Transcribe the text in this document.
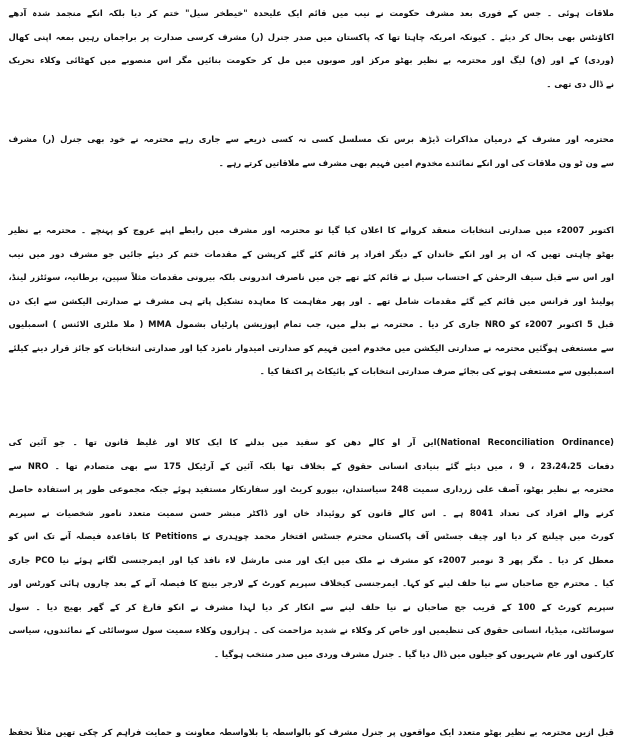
ملاقات ہوئی ۔ جس کے فوری بعد مشرف حکومت نے نیب میں قائم ایک علیحدہ "خیطخر سیل" ختم کر دیا بلکہ انکے منجمد شدہ آدھے
اکاؤنٹس بھی بحال کر دیئے ۔ کیونکہ امریکہ چاہتا تھا کہ پاکستان میں صدر جنرل (ر) مشرف کرسی صدارت پر براجمان رہیں بمعہ اپنی کھال
(وردی) کے اور (ق) لیگ اور محترمہ بے نظیر بھٹو مرکز اور صوبوں میں مل کر حکومت بنائیں مگر اس منصوبے میں کھٹائی وکلاء تحریک
نے ڈال دی تھی ۔
محترمہ اور مشرف کے درمیان مذاکرات ڈیڑھ برس تک مسلسل کسی نہ کسی ذریعے سے جاری رہے محترمہ نے خود بھی جنرل (ر) مشرف
سے ون ٹو ون ملاقات کی اور انکے نمائندے مخدوم امین فہیم بھی مشرف سے ملاقاتیں کرتے رہے ۔
اکتوبر 2007ء میں صدارتی انتخابات منعقد کروانے کا اعلان کیا گیا تو محترمہ اور مشرف میں رابطے اپنے عروج کو پہنچے ۔ محترمہ بے نظیر
بھٹو چاہتی تھیں کہ ان پر اور انکے خاندان کے دیگر افراد پر قائم کئے گئے کرپشن کے مقدمات ختم کر دیئے جائیں جو مشرف دور میں نیب
اور اس سے قبل سیف الرحمٰن کے احتساب سیل نے قائم کئے تھے جن میں ناصرف اندرونی بلکہ بیرونی مقدمات مثلاً سپین، برطانیہ، سوئٹزر لینڈ،
پولینڈ اور فرانس میں قائم کیے گئے مقدمات شامل تھے ۔ اور پھر مفاہمت کا معاہدہ تشکیل پاتے ہی مشرف نے صدارتی الیکشن سے ایک دن
قبل 5 اکتوبر 2007ء کو NRO جاری کر دیا ۔ محترمہ نے بدلے میں، جب تمام اپوزیشن پارٹیاں بشمول MMA ( ملا ملٹری الائنس ) اسمبلیوں
سے مستعفی ہوگئیں محترمہ نے صدارتی الیکشن میں مخدوم امین فہیم کو صدارتی امیدوار نامزد کیا اور صدارتی انتخابات کو جائز قرار دینے کیلئے
اسمبلیوں سے مستعفی ہونے کی بجائے صرف صدارتی انتخابات کے بائیکاٹ پر اکتفا کیا ۔
(National Reconciliation Ordinance)این آر او کالے دھن کو سفید میں بدلنے کا ایک کالا اور غلیظ قانون تھا ۔ جو آئین کی
دفعات 23،24،25 ، 9 ، میں دیئے گئے بنیادی انسانی حقوق کے بخلاف تھا بلکہ آئین کے آرٹیکل 175 سے بھی متصادم تھا ۔ NRO سے
محترمہ بے نظیر بھٹو، آصف علی زرداری سمیت 248 سیاستدان، بیورو کریٹ اور سفارتکار مستفید ہوئے جبکہ مجموعی طور پر استفادہ حاصل
کرنے والے افراد کی تعداد 8041 ہے ۔ اس کالے قانون کو روئیداد خان اور ڈاکٹر مبشر حسن سمیت متعدد نامور شخصیات نے سپریم
کورٹ میں چیلنج کر دیا اور چیف جسٹس آف پاکستان محترم جسٹس افتخار محمد چوہدری نے Petitions کا باقاعدہ فیصلہ آنے تک اس کو
معطل کر دیا ۔ مگر پھر 3 نومبر 2007ء کو مشرف نے ملک میں ایک اور منی مارشل لاء نافذ کیا اور ایمرجنسی لگاتے ہوئے نیا PCO جاری
کیا ۔ محترم جج صاحبان سے نیا حلف لینے کو کہا۔ ایمرجنسی کیخلاف سپریم کورٹ کے لارجر بینچ کا فیصلہ آنے کے بعد چاروں ہائی کورٹس اور
سپریم کورٹ کے 100 کے قریب جج صاحبان نے نیا حلف لینے سے انکار کر دیا لہذا مشرف نے انکو فارغ کر کے گھر بھیج دیا ۔ سول
سوسائٹی، میڈیا، انسانی حقوق کی تنظیمیں اور خاص کر وکلاء نے شدید مزاحمت کی ۔ ہزاروں وکلاء سمیت سول سوسائٹی کے نمائندوں، سیاسی
کارکنوں اور عام شہریوں کو جیلوں میں ڈال دیا گیا ۔ جنرل مشرف وردی میں صدر منتخب ہوگیا ۔
قبل ازیں محترمہ بے نظیر بھٹو متعدد ایک مواقعوں پر جنرل مشرف کو بالواسطہ یا بلاواسطہ معاونت و حمایت فراہم کر چکی تھیں مثلاً تحفظ
